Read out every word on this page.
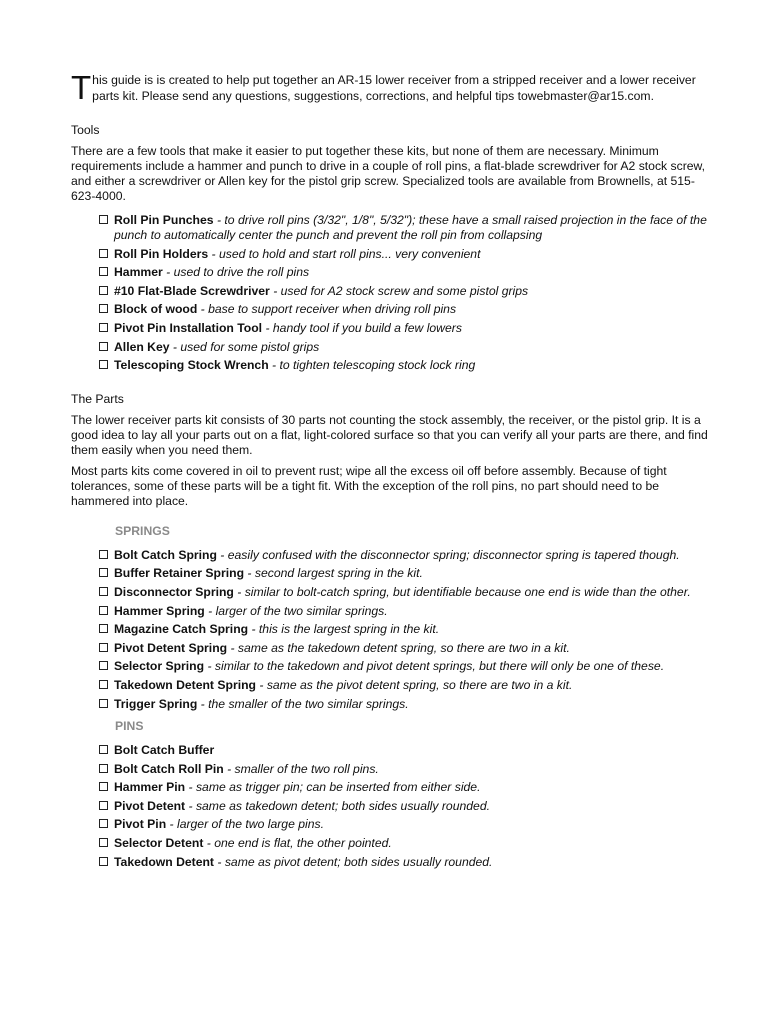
This guide is is created to help put together an AR-15 lower receiver from a stripped receiver and a lower receiver parts kit. Please send any questions, suggestions, corrections, and helpful tips towebmaster@ar15.com.

Tools

There are a few tools that make it easier to put together these kits, but none of them are necessary. Minimum requirements include a hammer and punch to drive in a couple of roll pins, a flat-blade screwdriver for A2 stock screw, and either a screwdriver or Allen key for the pistol grip screw. Specialized tools are available from Brownells, at 515-623-4000.

Roll Pin Punches - to drive roll pins (3/32", 1/8", 5/32"); these have a small raised projection in the face of the punch to automatically center the punch and prevent the roll pin from collapsing
Roll Pin Holders - used to hold and start roll pins... very convenient
Hammer - used to drive the roll pins
#10 Flat-Blade Screwdriver - used for A2 stock screw and some pistol grips
Block of wood - base to support receiver when driving roll pins
Pivot Pin Installation Tool - handy tool if you build a few lowers
Allen Key - used for some pistol grips
Telescoping Stock Wrench - to tighten telescoping stock lock ring

The Parts

The lower receiver parts kit consists of 30 parts not counting the stock assembly, the receiver, or the pistol grip. It is a good idea to lay all your parts out on a flat, light-colored surface so that you can verify all your parts are there, and find them easily when you need them.

Most parts kits come covered in oil to prevent rust; wipe all the excess oil off before assembly. Because of tight tolerances, some of these parts will be a tight fit. With the exception of the roll pins, no part should need to be hammered into place.

SPRINGS

Bolt Catch Spring - easily confused with the disconnector spring; disconnector spring is tapered though.
Buffer Retainer Spring - second largest spring in the kit.
Disconnector Spring - similar to bolt-catch spring, but identifiable because one end is wide than the other.
Hammer Spring - larger of the two similar springs.
Magazine Catch Spring - this is the largest spring in the kit.
Pivot Detent Spring - same as the takedown detent spring, so there are two in a kit.
Selector Spring - similar to the takedown and pivot detent springs, but there will only be one of these.
Takedown Detent Spring - same as the pivot detent spring, so there are two in a kit.
Trigger Spring - the smaller of the two similar springs.

PINS

Bolt Catch Buffer
Bolt Catch Roll Pin - smaller of the two roll pins.
Hammer Pin - same as trigger pin; can be inserted from either side.
Pivot Detent - same as takedown detent; both sides usually rounded.
Pivot Pin - larger of the two large pins.
Selector Detent - one end is flat, the other pointed.
Takedown Detent - same as pivot detent; both sides usually rounded.
